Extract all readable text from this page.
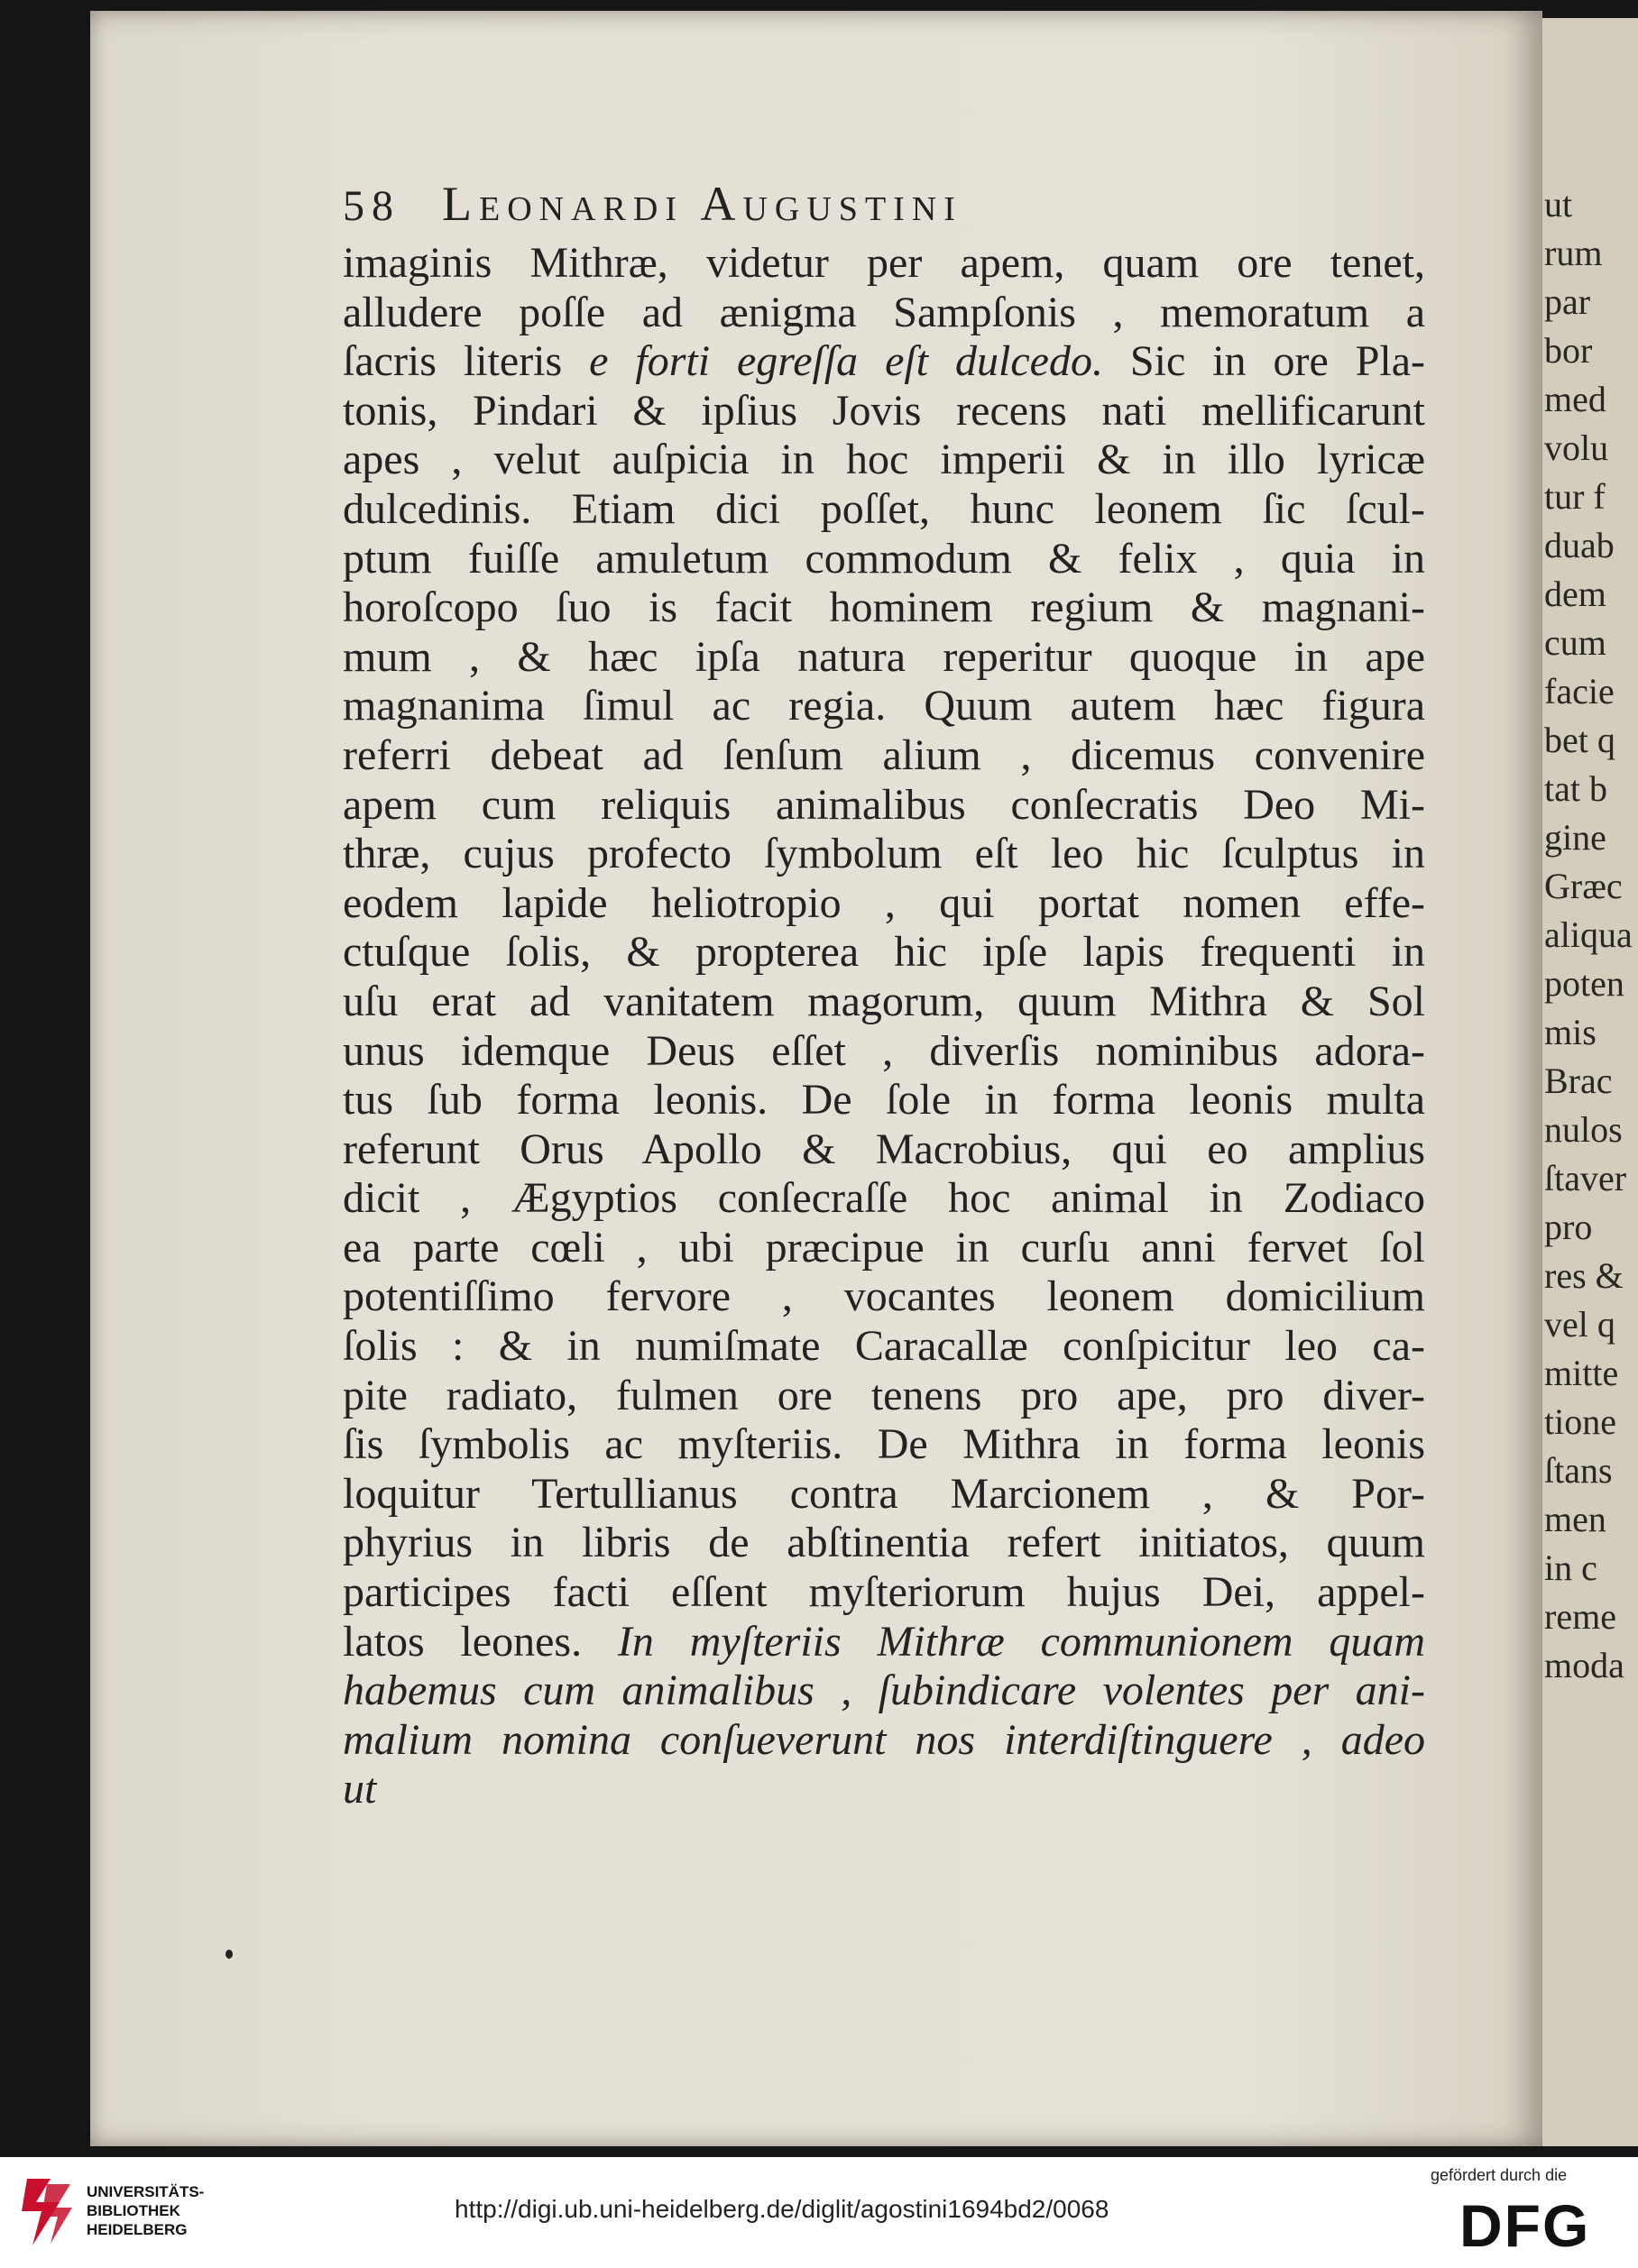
ut
rum
par
bor
med
volu
tur f
duab
dem
cum
facie
bet q
tat b
gine
Græc
aliqua
poten
mis
Brac
nulos
ſtaver
pro
res &
vel q
mitte
tione
ſtans
men
in c
reme
moda
58 Leonardi Augustini
imaginis Mithræ, videtur per apem, quam ore tenet,
alludere poſſe ad ænigma Sampſonis , memoratum a
ſacris literis e forti egreſſa eſt dulcedo. Sic in ore Pla-
tonis, Pindari & ipſius Jovis recens nati mellificarunt
apes , velut auſpicia in hoc imperii & in illo lyricæ
dulcedinis. Etiam dici poſſet, hunc leonem ſic ſcul-
ptum fuiſſe amuletum commodum & felix , quia in
horoſcopo ſuo is facit hominem regium & magnani-
mum , & hæc ipſa natura reperitur quoque in ape
magnanima ſimul ac regia. Quum autem hæc figura
referri debeat ad ſenſum alium , dicemus convenire
apem cum reliquis animalibus conſecratis Deo Mi-
thræ, cujus profecto ſymbolum eſt leo hic ſculptus in
eodem lapide heliotropio , qui portat nomen effe-
ctuſque ſolis, & propterea hic ipſe lapis frequenti in
uſu erat ad vanitatem magorum, quum Mithra & Sol
unus idemque Deus eſſet , diverſis nominibus adora-
tus ſub forma leonis. De ſole in forma leonis multa
referunt Orus Apollo & Macrobius, qui eo amplius
dicit , Ægyptios conſecraſſe hoc animal in Zodiaco
ea parte cœli , ubi præcipue in curſu anni fervet ſol
potentiſſimo fervore , vocantes leonem domicilium
ſolis : & in numiſmate Caracallæ conſpicitur leo ca-
pite radiato, fulmen ore tenens pro ape, pro diver-
ſis ſymbolis ac myſteriis. De Mithra in forma leonis
loquitur Tertullianus contra Marcionem , & Por-
phyrius in libris de abſtinentia refert initiatos, quum
participes facti eſſent myſteriorum hujus Dei, appel-
latos leones. In myſteriis Mithræ communionem quam
habemus cum animalibus , ſubindicare volentes per ani-
malium nomina conſueverunt nos interdiſtinguere , adeo
ut
UNIVERSITÄTS-
BIBLIOTHEK
HEIDELBERG
http://digi.ub.uni-heidelberg.de/diglit/agostini1694bd2/0068
gefördert durch die
DFG
